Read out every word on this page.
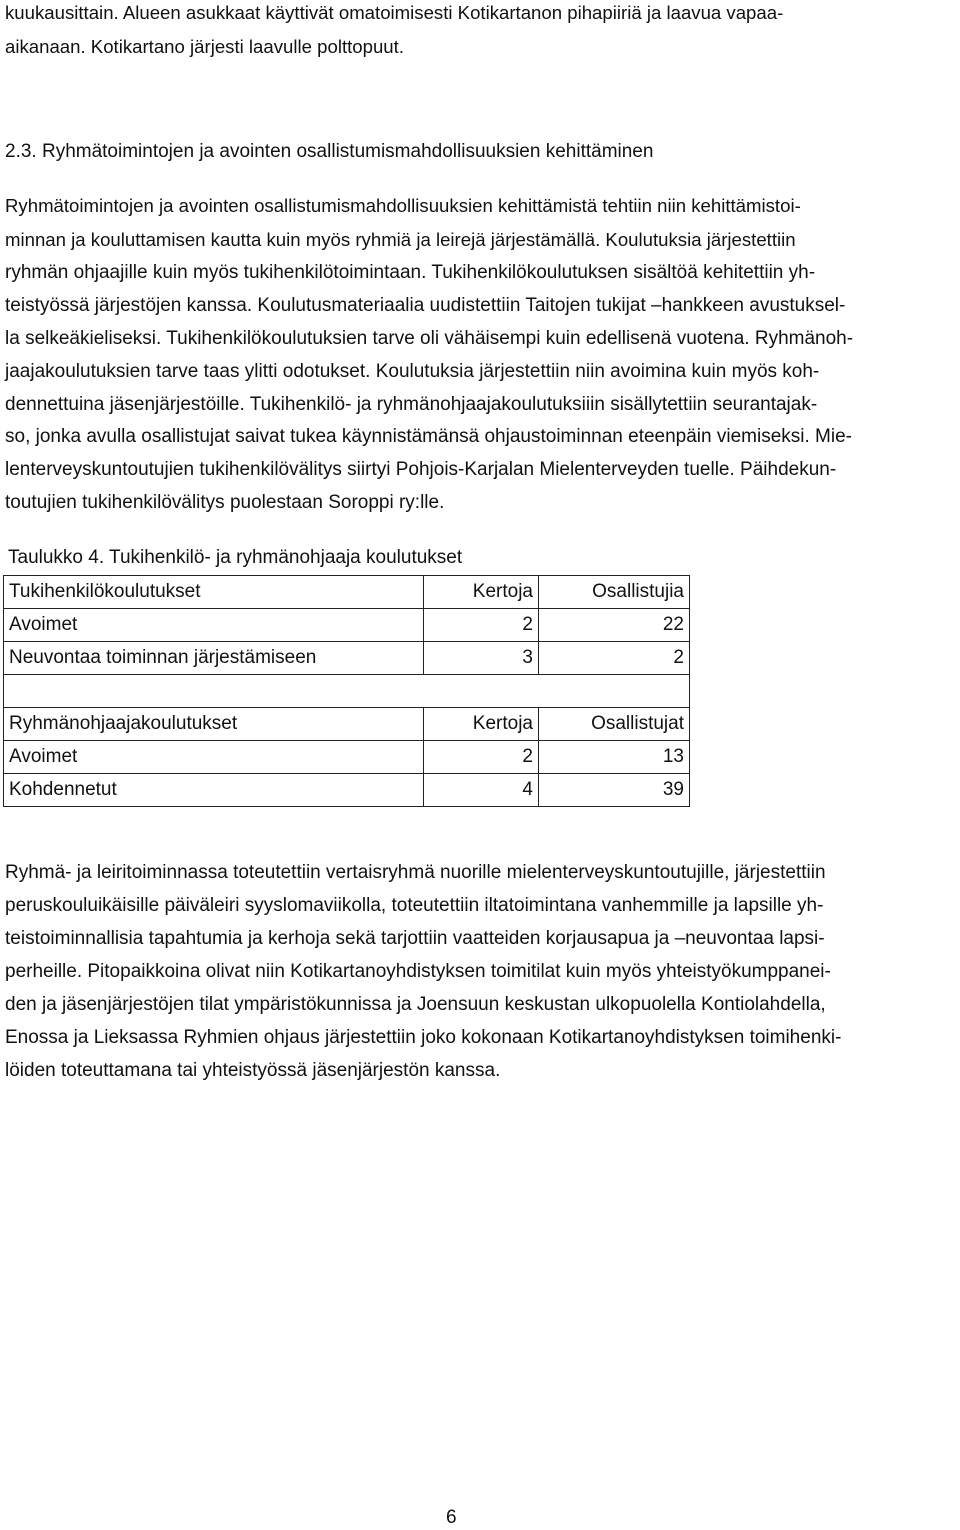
kuukausittain. Alueen asukkaat käyttivät omatoimisesti Kotikartanon pihapiiriä ja laavua vapaa-
aikanaan. Kotikartano järjesti laavulle polttopuut.
2.3. Ryhmätoimintojen ja avointen osallistumismahdollisuuksien kehittäminen
Ryhmätoimintojen ja avointen osallistumismahdollisuuksien kehittämistä tehtiin niin kehittämistoi-
minnan ja kouluttamisen kautta kuin myös ryhmiä ja leirejä järjestämällä. Koulutuksia järjestettiin
ryhmän ohjaajille kuin myös tukihenkilötoimintaan. Tukihenkilökoulutuksen sisältöä kehitettiin yh-
teistyössä järjestöjen kanssa. Koulutusmateriaalia uudistettiin Taitojen tukijat –hankkeen avustuksel-
la selkeäkieliseksi. Tukihenkilökoulutuksien tarve oli vähäisempi kuin edellisenä vuotena. Ryhmänoh-
jaajakoulutuksien tarve taas ylitti odotukset. Koulutuksia järjestettiin niin avoimina kuin myös koh-
dennettuina jäsenjärjestöille. Tukihenkilö- ja ryhmänohjaajakoulutuksiiin sisällytettiin seurantajak-
so, jonka avulla osallistujat saivat tukea käynnistämänsä ohjaustoiminnan eteenpäin viemiseksi. Mie-
lenterveyskuntoutujien tukihenkilövälitys siirtyi Pohjois-Karjalan Mielenterveyden tuelle. Päihdekun-
toutujien tukihenkilövälitys puolestaan Soroppi ry:lle.
Taulukko 4. Tukihenkilö- ja ryhmänohjaaja koulutukset
Tukihenkilökoulutukset	Kertoja	Osallistujia
Avoimet	2	22
Neuvontaa toiminnan järjestämiseen	3	2

Ryhmänohjaajakoulutukset	Kertoja	Osallistujat
Avoimet	2	13
Kohdennetut	4	39
Ryhmä- ja leiritoiminnassa toteutettiin vertaisryhmä nuorille mielenterveyskuntoutujille, järjestettiin
peruskouluikäisille päiväleiri syyslomaviikolla, toteutettiin iltatoimintana vanhemmille ja lapsille yh-
teistoiminnallisia tapahtumia ja kerhoja sekä tarjottiin vaatteiden korjausapua ja –neuvontaa lapsi-
perheille. Pitopaikkoina olivat niin Kotikartanoyhdistyksen toimitilat kuin myös yhteistyökumppanei-
den ja jäsenjärjestöjen tilat ympäristökunnissa ja Joensuun keskustan ulkopuolella Kontiolahdella,
Enossa ja Lieksassa Ryhmien ohjaus järjestettiin joko kokonaan Kotikartanoyhdistyksen toimihenki-
löiden toteuttamana tai yhteistyössä jäsenjärjestön kanssa.
6
